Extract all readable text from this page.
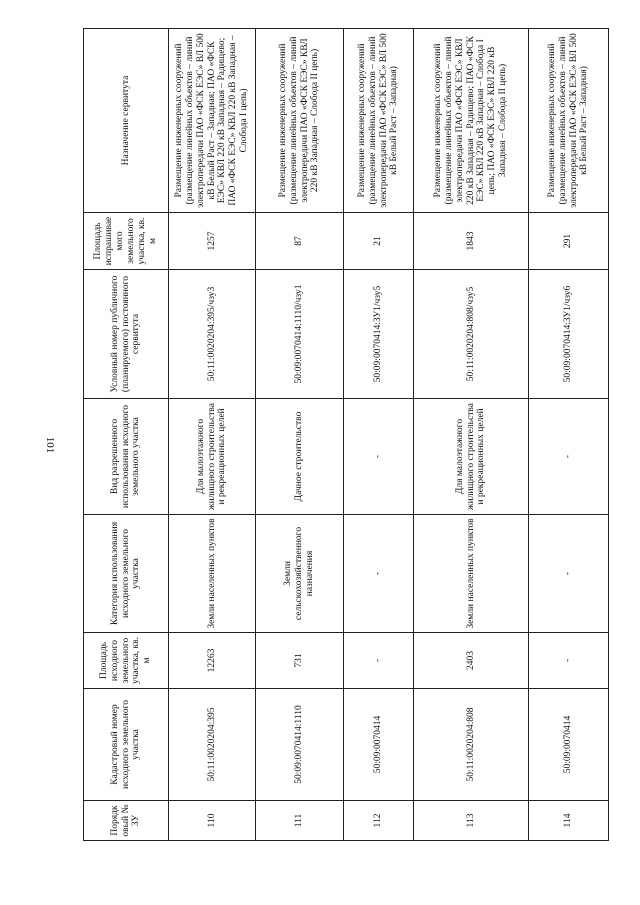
101
Порядковый № ЗУ	Кадастровый номер исходного земельного участка	Площадь исходного земельного участка, кв. м	Категория использования исходного земельного участка	Вид разрешенного использования исходного земельного участка	Условный номер публичного (планируемого) постоянного сервитута	Площадь испрашиваемого земельного участка, кв. м	Назначение сервитута
110	50:11:0020204:395	12263	Земли населенных пунктов	Для малоэтажного жилищного строительства и рекреационных целей	50:11:0020204:395/чзу3	1257	Размещение инженерных сооружений (размещение линейных объектов – линий электропередачи ПАО «ФСК ЕЭС» ВЛ 500 кВ Белый Раст – Западная; ПАО «ФСК ЕЭС» КВЛ 220 кВ Западная – Радищево; ПАО «ФСК ЕЭС» КВЛ 220 кВ Западная – Слобода I цепь)
111	50:09:0070414:1110	731	Земли сельскохозяйственного назначения	Дачное строительство	50:09:0070414:1110/чзу1	87	Размещение инженерных сооружений (размещение линейных объектов – линий электропередачи ПАО «ФСК ЕЭС» КВЛ 220 кВ Западная – Слобода II цепь)
112	50:09:0070414	-	-	-	50:09:0070414:ЗУ1/чзу5	21	Размещение инженерных сооружений (размещение линейных объектов – линий электропередачи ПАО «ФСК ЕЭС» ВЛ 500 кВ Белый Раст – Западная)
113	50:11:0020204:808	2403	Земли населенных пунктов	Для малоэтажного жилищного строительства и рекреационных целей	50:11:0020204:808/чзу5	1843	Размещение инженерных сооружений (размещение линейных объектов – линий электропередачи ПАО «ФСК ЕЭС» КВЛ 220 кВ Западная – Радищево; ПАО «ФСК ЕЭС» КВЛ 220 кВ Западная – Слобода I цепь; ПАО «ФСК ЕЭС» КВЛ 220 кВ Западная – Слобода II цепь)
114	50:09:0070414	-	-	-	50:09:0070414:ЗУ1/чзу6	291	Размещение инженерных сооружений (размещение линейных объектов – линий электропередачи ПАО «ФСК ЕЭС» ВЛ 500 кВ Белый Раст – Западная)
